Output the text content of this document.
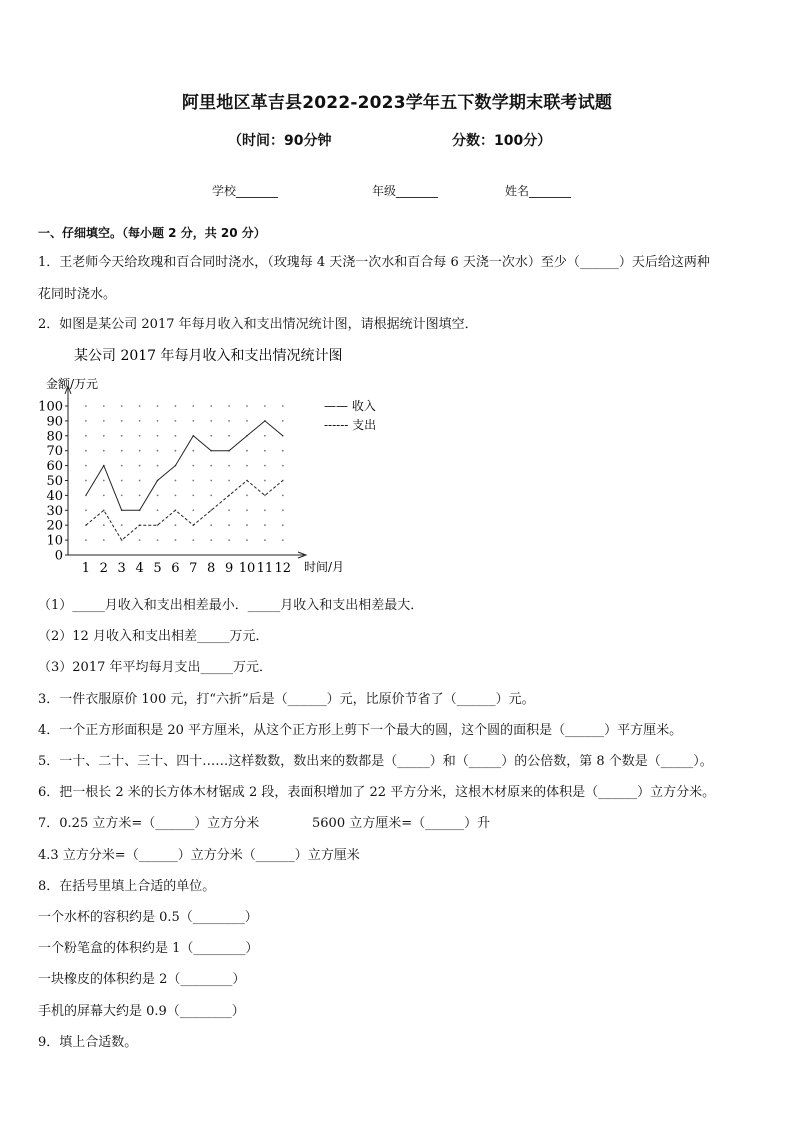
阿里地区革吉县2022-2023学年五下数学期末联考试题
（时间：90分钟	分数：100分）
学校_______	年级_______	姓名_______
一、仔细填空。（每小题 2 分，共 20 分）
1．王老师今天给玫瑰和百合同时浇水，（玫瑰每 4 天浇一次水和百合每 6 天浇一次水）至少（______）天后给这两种
花同时浇水。
2．如图是某公司 2017 年每月收入和支出情况统计图，请根据统计图填空．
某公司 2017 年每月收入和支出情况统计图
金额/万元
时间/月
0
10
20
30
40
50
60
70
80
90
100
1 2 3 4 5 6 7 8 9 10 11 12
—— 收入
------ 支出
（1）_____月收入和支出相差最小．_____月收入和支出相差最大．
（2）12 月收入和支出相差_____万元．
（3）2017 年平均每月支出_____万元．
3．一件衣服原价 100 元，打“六折”后是（______）元，比原价节省了（______）元。
4．一个正方形面积是 20 平方厘米，从这个正方形上剪下一个最大的圆，这个圆的面积是（______）平方厘米。
5．一十、二十、三十、四十……这样数数，数出来的数都是（_____）和（_____）的公倍数，第 8 个数是（_____）。
6．把一根长 2 米的长方体木材锯成 2 段，表面积增加了 22 平方分米，这根木材原来的体积是（______）立方分米。
7．0.25 立方米=（______）立方分米	5600 立方厘米=（______）升
4.3 立方分米=（______）立方分米（______）立方厘米
8．在括号里填上合适的单位。
一个水杯的容积约是 0.5（________）
一个粉笔盒的体积约是 1（________）
一块橡皮的体积约是 2（________）
手机的屏幕大约是 0.9（________）
9．填上合适数。
